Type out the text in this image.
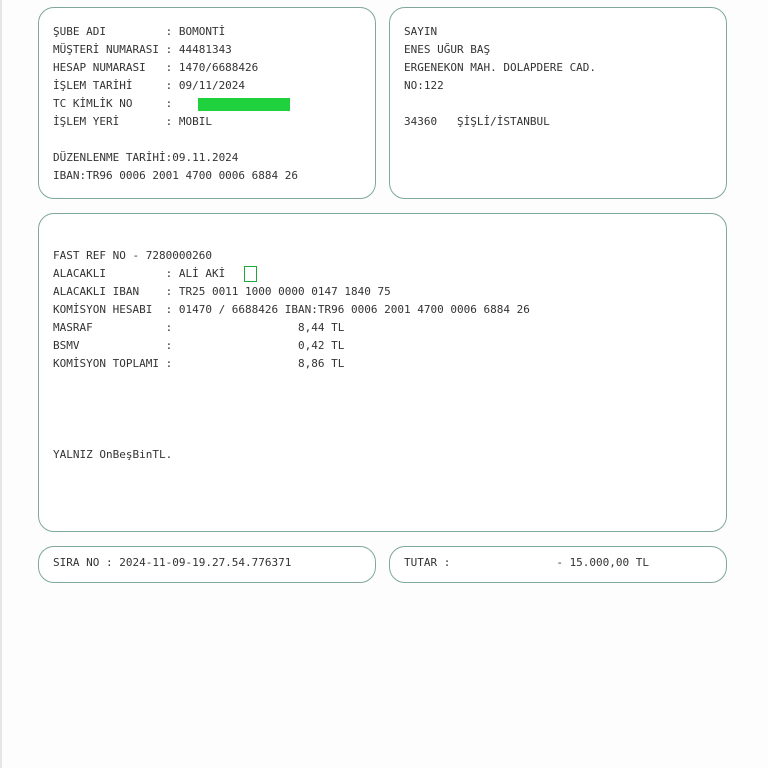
ŞUBE ADI         : BOMONTİ
MÜŞTERİ NUMARASI : 44481343
HESAP NUMARASI   : 1470/6688426
İŞLEM TARİHİ     : 09/11/2024
TC KİMLİK NO     :
İŞLEM YERİ       : MOBIL
DÜZENLENME TARİHİ:09.11.2024
IBAN:TR96 0006 2001 4700 0006 6884 26
SAYIN
ENES UĞUR BAŞ
ERGENEKON MAH. DOLAPDERE CAD.
NO:122
34360   ŞİŞLİ/İSTANBUL
FAST REF NO - 7280000260
ALACAKLI         : ALİ AKİ
ALACAKLI IBAN    : TR25 0011 1000 0000 0147 1840 75
KOMİSYON HESABI  : 01470 / 6688426 IBAN:TR96 0006 2001 4700 0006 6884 26
MASRAF           :                   8,44 TL
BSMV             :                   0,42 TL
KOMİSYON TOPLAMI :                   8,86 TL
YALNIZ OnBeşBinTL.
SIRA NO : 2024-11-09-19.27.54.776371	TUTAR :                - 15.000,00 TL
